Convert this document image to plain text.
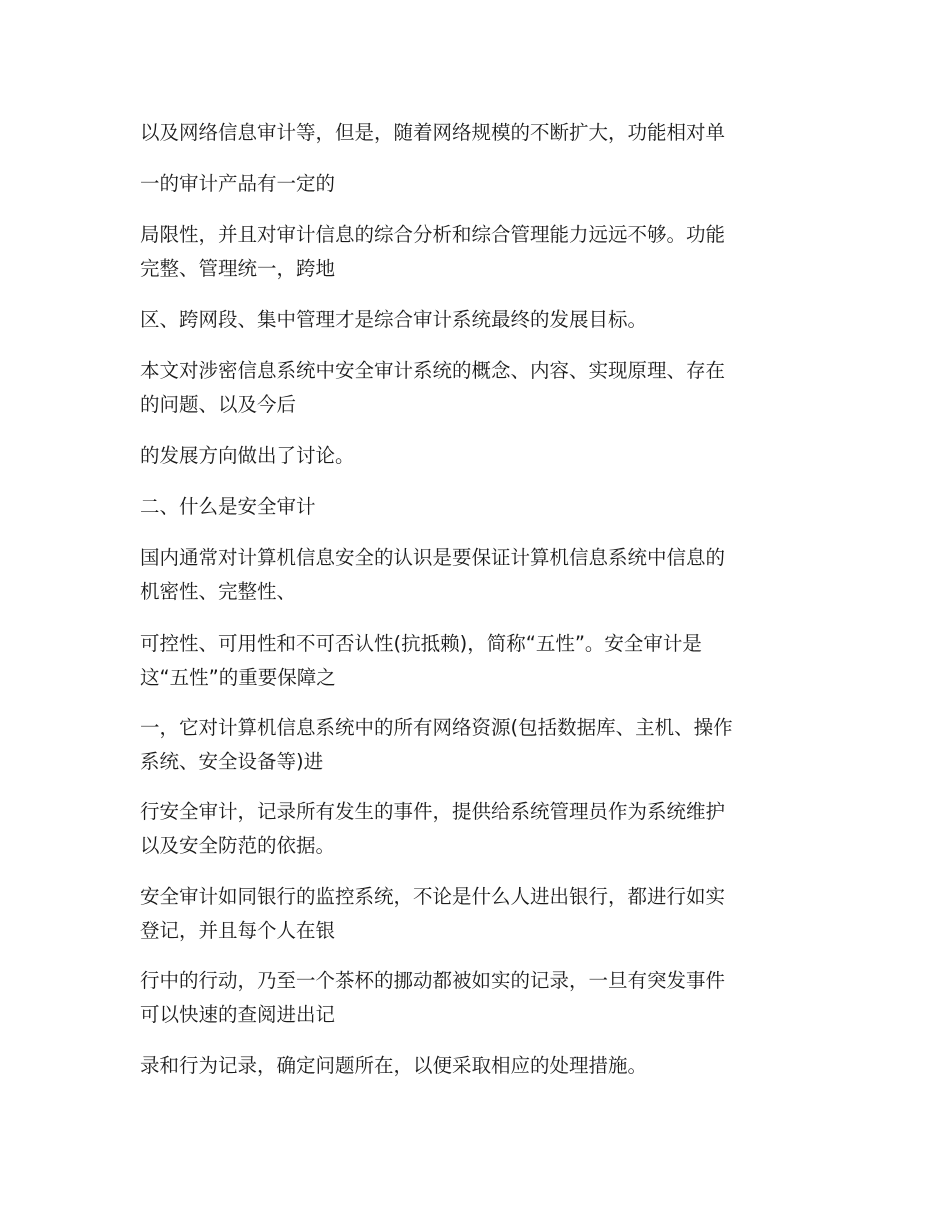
以及网络信息审计等，但是，随着网络规模的不断扩大，功能相对单

一的审计产品有一定的

局限性，并且对审计信息的综合分析和综合管理能力远远不够。功能
完整、管理统一，跨地

区、跨网段、集中管理才是综合审计系统最终的发展目标。

本文对涉密信息系统中安全审计系统的概念、内容、实现原理、存在
的问题、以及今后

的发展方向做出了讨论。

二、什么是安全审计

国内通常对计算机信息安全的认识是要保证计算机信息系统中信息的
机密性、完整性、

可控性、可用性和不可否认性(抗抵赖)，简称“五性”。安全审计是
这“五性”的重要保障之

一，它对计算机信息系统中的所有网络资源(包括数据库、主机、操作
系统、安全设备等)进

行安全审计，记录所有发生的事件，提供给系统管理员作为系统维护
以及安全防范的依据。

安全审计如同银行的监控系统，不论是什么人进出银行，都进行如实
登记，并且每个人在银

行中的行动，乃至一个茶杯的挪动都被如实的记录，一旦有突发事件
可以快速的查阅进出记

录和行为记录，确定问题所在，以便采取相应的处理措施。
